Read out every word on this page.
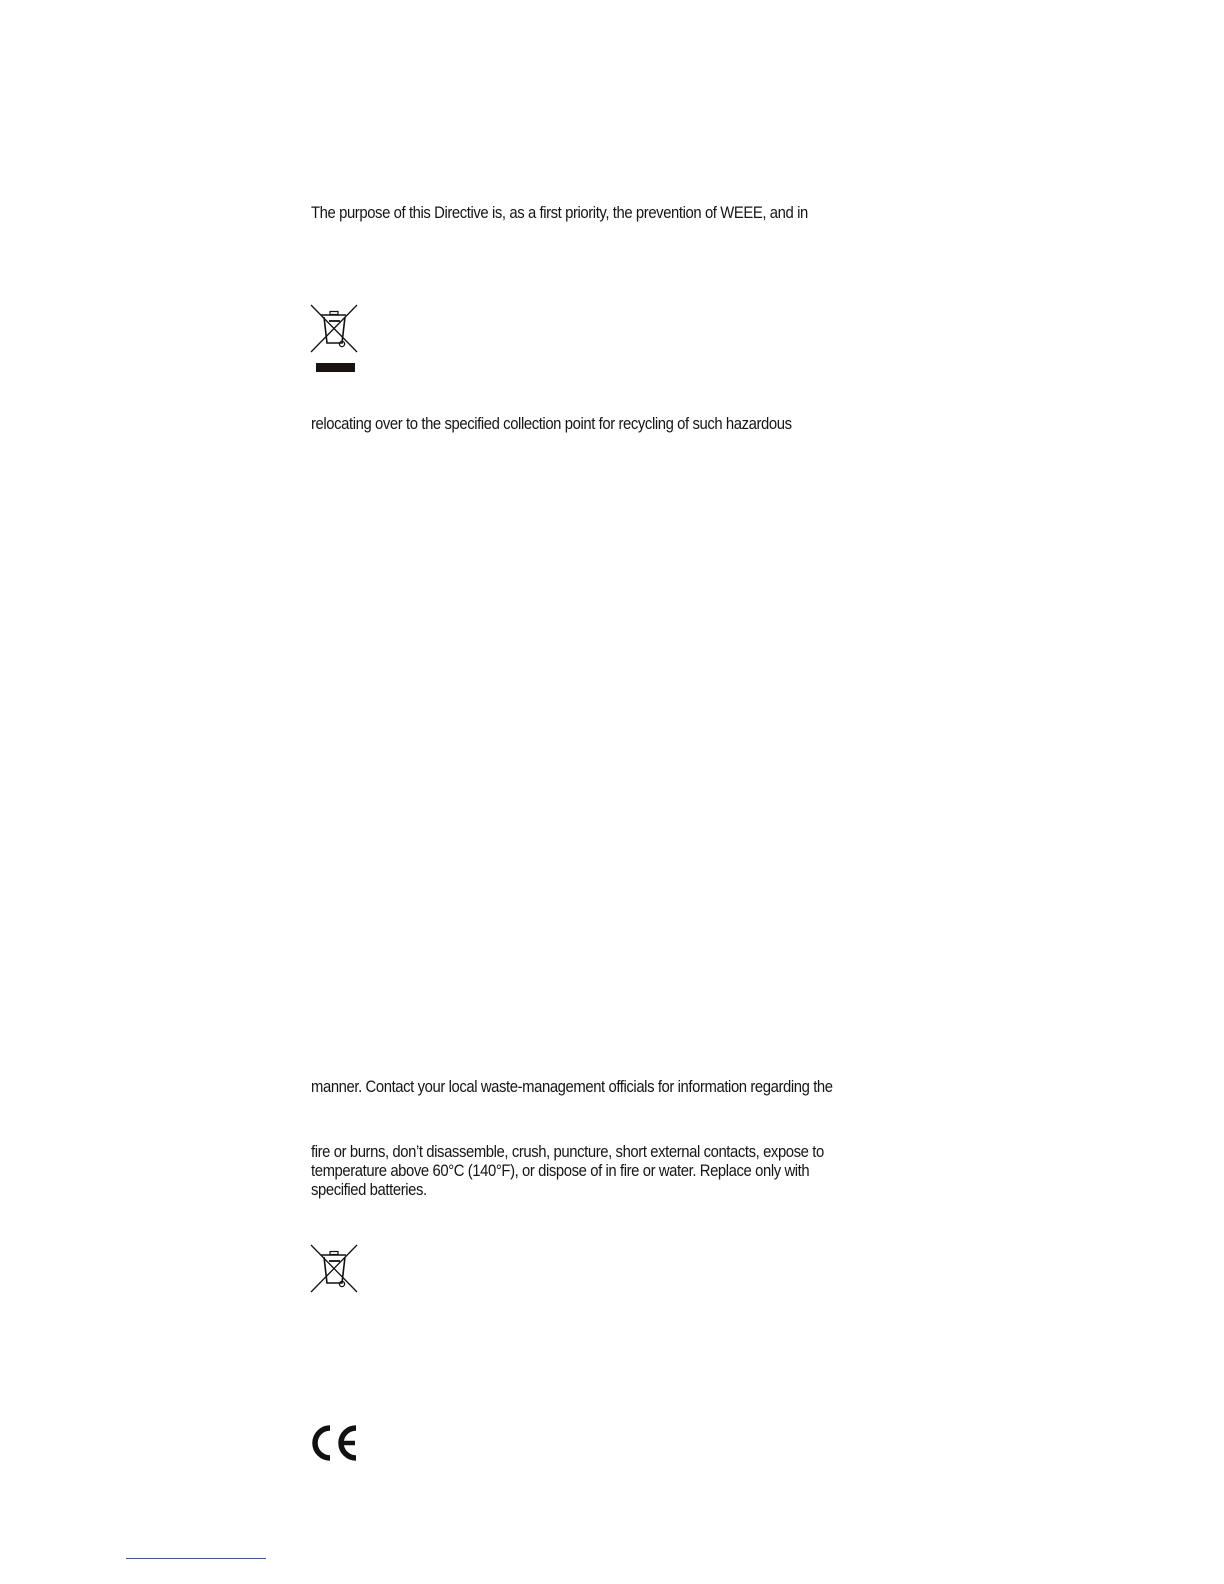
The purpose of this Directive is, as a first priority, the prevention of WEEE, and in
relocating over to the specified collection point for recycling of such hazardous
manner. Contact your local waste-management officials for information regarding the
fire or burns, don’t disassemble, crush, puncture, short external contacts, expose to
temperature above 60°C (140°F), or dispose of in fire or water. Replace only with
specified batteries.
